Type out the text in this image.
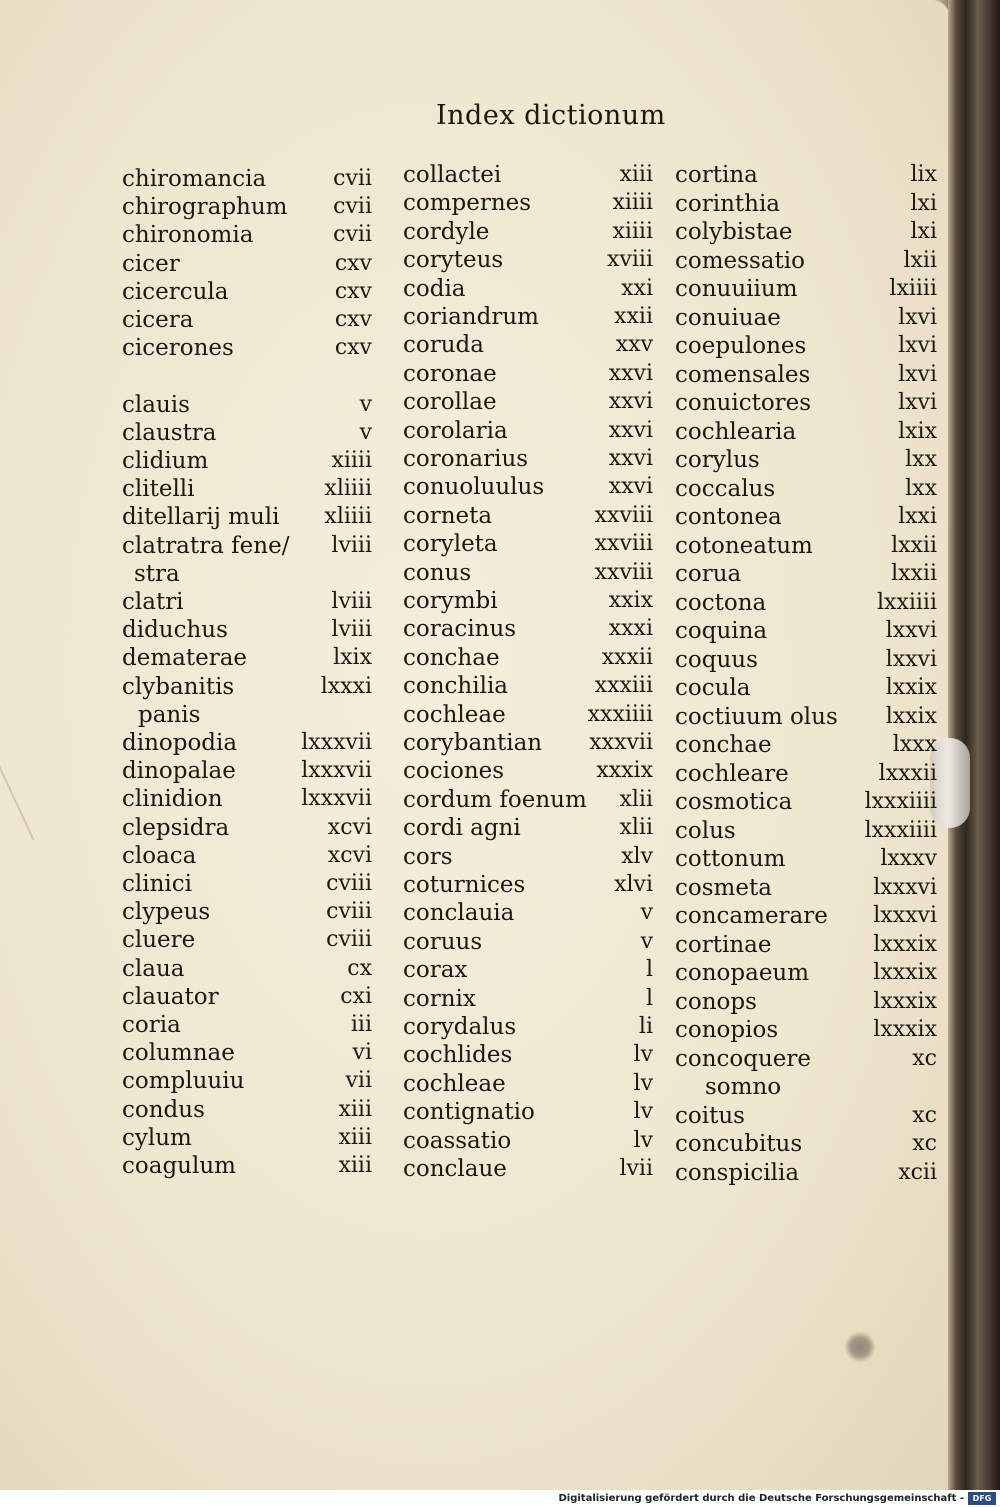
Index dictionum
chiromancia	cvii
chirographum cvii
chironomia	cvii
cicer	cxv
cicercula	cxv
cicera	cxv
cicerones	cxv
clauis	v
claustra	v
clidium	xiiii
clitelli	xliiii
ditellarij muli xliiii
clatratra fene/ lviii
stra
clatri	lviii
diduchus	lviii
dematerae	lxix
clybanitis	lxxxi
panis
dinopodia	lxxxvii
dinopalae	lxxxvii
clinidion	lxxxvii
clepsidra	xcvi
cloaca	xcvi
clinici	cviii
clypeus	cviii
cluere	cviii
claua	cx
clauator	cxi
coria	iii
columnae	vi
compluuiu	vii
condus	xiii
cylum	xiii
coagulum	xiii
collactei	xiii
compernes	xiiii
cordyle	xiiii
coryteus	xviii
codia	xxi
coriandrum	xxii
coruda	xxv
coronae	xxvi
corollae	xxvi
corolaria	xxvi
coronarius	xxvi
conuoluulus	xxvi
corneta	xxviii
coryleta	xxviii
conus	xxviii
corymbi	xxix
coracinus	xxxi
conchae	xxxii
conchilia	xxxiii
cochleae	xxxiiii
corybantian xxxvii
cociones	xxxix
cordum foenum xlii
cordi agni	xlii
cors	xlv
coturnices	xlvi
conclauia	v
coruus	v
corax	l
cornix	l
corydalus	li
cochlides	lv
cochleae	lv
contignatio	lv
coassatio	lv
conclaue	lvii
cortina	lix
corinthia	lxi
colybistae	lxi
comessatio	lxii
conuuiium	lxiiii
conuiuae	lxvi
coepulones	lxvi
comensales	lxvi
conuictores	lxvi
cochlearia	lxix
corylus	lxx
coccalus	lxx
contonea	lxxi
cotoneatum	lxxii
corua	lxxii
coctona	lxxiiii
coquina	lxxvi
coquus	lxxvi
cocula	lxxix
coctiuum olus lxxix
conchae	lxxx
cochleare	lxxxii
cosmotica	lxxxiiii
colus	lxxxiiii
cottonum	lxxxv
cosmeta	lxxxvi
concamerare lxxxvi
cortinae	lxxxix
conopaeum	lxxxix
conops	lxxxix
conopios	lxxxix
concoquere	xc
somno
coitus	xc
concubitus	xc
conspicilia	xcii
Digitalisierung gefördert durch die Deutsche Forschungsgemeinschaft -	DFG
